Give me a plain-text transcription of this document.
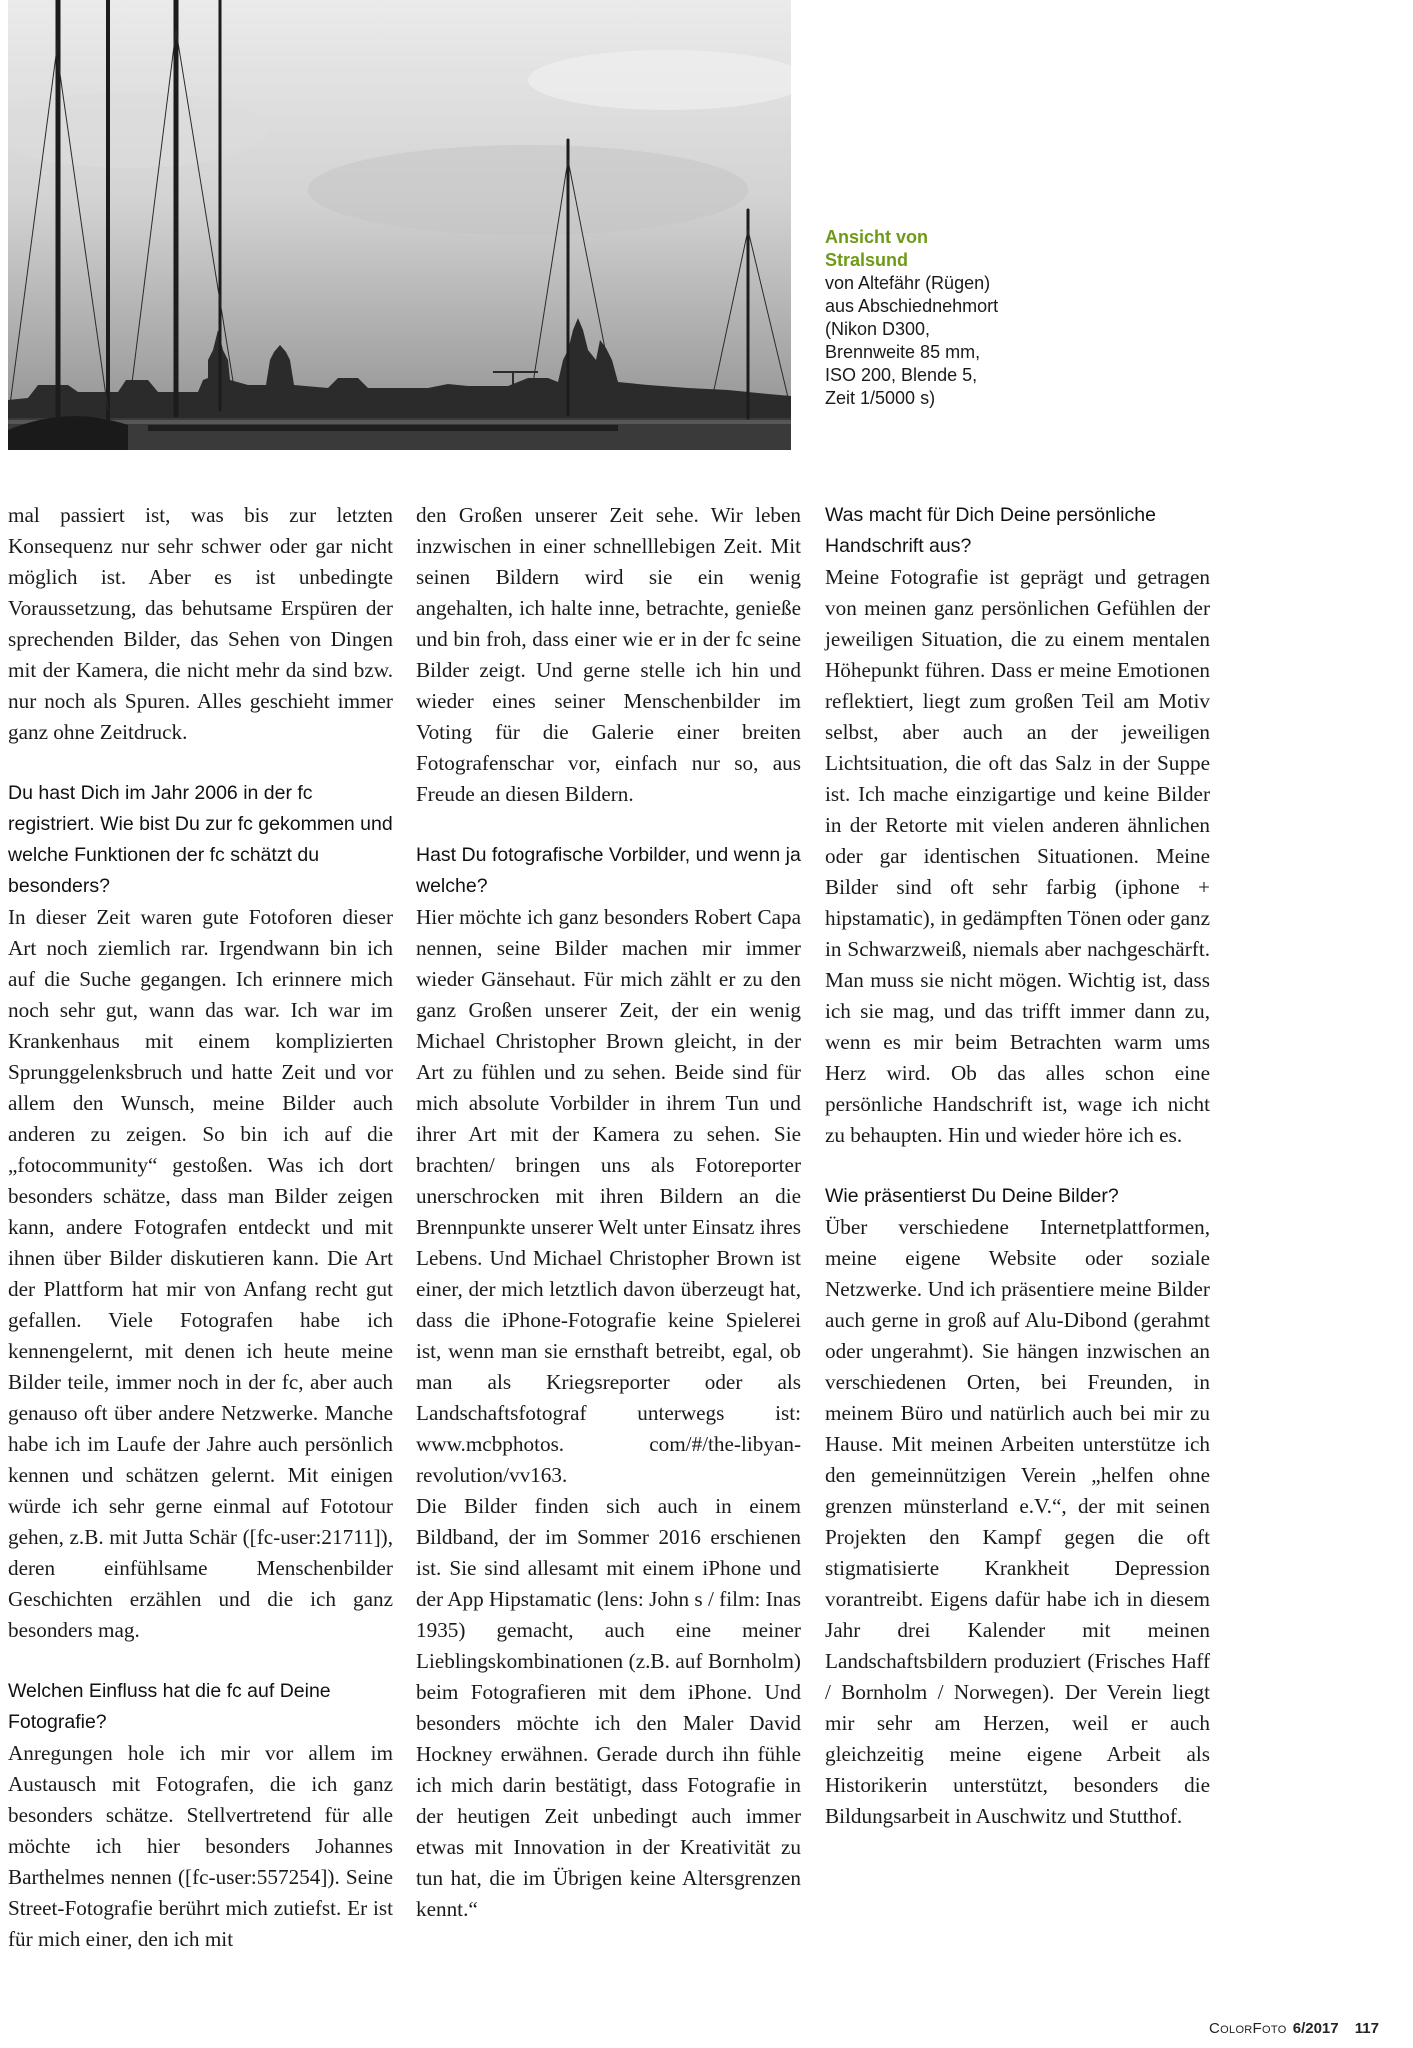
Ansicht von Stralsund
von Altefähr (Rügen) aus Abschiednehmort (Nikon D300, Brennweite 85 mm, ISO 200, Blende 5, Zeit 1/5000 s)

mal passiert ist, was bis zur letzten Konsequenz nur sehr schwer oder gar nicht möglich ist. Aber es ist unbedingte Voraussetzung, das behutsame Erspüren der sprechenden Bilder, das Sehen von Dingen mit der Kamera, die nicht mehr da sind bzw. nur noch als Spuren. Alles geschieht immer ganz ohne Zeitdruck.

Du hast Dich im Jahr 2006 in der fc registriert. Wie bist Du zur fc gekommen und welche Funktionen der fc schätzt du besonders?

In dieser Zeit waren gute Fotoforen dieser Art noch ziemlich rar. Irgendwann bin ich auf die Suche gegangen. Ich erinnere mich noch sehr gut, wann das war. Ich war im Krankenhaus mit einem komplizierten Sprunggelenksbruch und hatte Zeit und vor allem den Wunsch, meine Bilder auch anderen zu zeigen. So bin ich auf die „fotocommunity“ gestoßen. Was ich dort besonders schätze, dass man Bilder zeigen kann, andere Fotografen entdeckt und mit ihnen über Bilder diskutieren kann. Die Art der Plattform hat mir von Anfang recht gut gefallen. Viele Fotografen habe ich kennengelernt, mit denen ich heute meine Bilder teile, immer noch in der fc, aber auch genauso oft über andere Netzwerke. Manche habe ich im Laufe der Jahre auch persönlich kennen und schätzen gelernt. Mit einigen würde ich sehr gerne einmal auf Fototour gehen, z.B. mit Jutta Schär ([fc-user:21711]), deren einfühlsame Menschenbilder Geschichten erzählen und die ich ganz besonders mag.

Welchen Einfluss hat die fc auf Deine Fotografie?

Anregungen hole ich mir vor allem im Austausch mit Fotografen, die ich ganz besonders schätze. Stellvertretend für alle möchte ich hier besonders Johannes Barthelmes nennen ([fc-user:557254]). Seine Street-Fotografie berührt mich zutiefst. Er ist für mich einer, den ich mit

den Großen unserer Zeit sehe. Wir leben inzwischen in einer schnelllebigen Zeit. Mit seinen Bildern wird sie ein wenig angehalten, ich halte inne, betrachte, genieße und bin froh, dass einer wie er in der fc seine Bilder zeigt. Und gerne stelle ich hin und wieder eines seiner Menschenbilder im Voting für die Galerie einer breiten Fotografenschar vor, einfach nur so, aus Freude an diesen Bildern.

Hast Du fotografische Vorbilder, und wenn ja welche?

Hier möchte ich ganz besonders Robert Capa nennen, seine Bilder machen mir immer wieder Gänsehaut. Für mich zählt er zu den ganz Großen unserer Zeit, der ein wenig Michael Christopher Brown gleicht, in der Art zu fühlen und zu sehen. Beide sind für mich absolute Vorbilder in ihrem Tun und ihrer Art mit der Kamera zu sehen. Sie brachten/ bringen uns als Fotoreporter unerschrocken mit ihren Bildern an die Brennpunkte unserer Welt unter Einsatz ihres Lebens. Und Michael Christopher Brown ist einer, der mich letztlich davon überzeugt hat, dass die iPhone-Fotografie keine Spielerei ist, wenn man sie ernsthaft betreibt, egal, ob man als Kriegsreporter oder als Landschaftsfotograf unterwegs ist: www.mcbphotos. com/#/the-libyan-revolution/vv163.

Die Bilder finden sich auch in einem Bildband, der im Sommer 2016 erschienen ist. Sie sind allesamt mit einem iPhone und der App Hipstamatic (lens: John s / film: Inas 1935) gemacht, auch eine meiner Lieblingskombinationen (z.B. auf Bornholm) beim Fotografieren mit dem iPhone. Und besonders möchte ich den Maler David Hockney erwähnen. Gerade durch ihn fühle ich mich darin bestätigt, dass Fotografie in der heutigen Zeit unbedingt auch immer etwas mit Innovation in der Kreativität zu tun hat, die im Übrigen keine Altersgrenzen kennt.“

Was macht für Dich Deine persönliche Handschrift aus?

Meine Fotografie ist geprägt und getragen von meinen ganz persönlichen Gefühlen der jeweiligen Situation, die zu einem mentalen Höhepunkt führen. Dass er meine Emotionen reflektiert, liegt zum großen Teil am Motiv selbst, aber auch an der jeweiligen Lichtsituation, die oft das Salz in der Suppe ist. Ich mache einzigartige und keine Bilder in der Retorte mit vielen anderen ähnlichen oder gar identischen Situationen. Meine Bilder sind oft sehr farbig (iphone + hipstamatic), in gedämpften Tönen oder ganz in Schwarzweiß, niemals aber nachgeschärft. Man muss sie nicht mögen. Wichtig ist, dass ich sie mag, und das trifft immer dann zu, wenn es mir beim Betrachten warm ums Herz wird. Ob das alles schon eine persönliche Handschrift ist, wage ich nicht zu behaupten. Hin und wieder höre ich es.

Wie präsentierst Du Deine Bilder?

Über verschiedene Internetplattformen, meine eigene Website oder soziale Netzwerke. Und ich präsentiere meine Bilder auch gerne in groß auf Alu-Dibond (gerahmt oder ungerahmt). Sie hängen inzwischen an verschiedenen Orten, bei Freunden, in meinem Büro und natürlich auch bei mir zu Hause. Mit meinen Arbeiten unterstütze ich den gemeinnützigen Verein „helfen ohne grenzen münsterland e.V.“, der mit seinen Projekten den Kampf gegen die oft stigmatisierte Krankheit Depression vorantreibt. Eigens dafür habe ich in diesem Jahr drei Kalender mit meinen Landschaftsbildern produziert (Frisches Haff / Bornholm / Norwegen). Der Verein liegt mir sehr am Herzen, weil er auch gleichzeitig meine eigene Arbeit als Historikerin unterstützt, besonders die Bildungsarbeit in Auschwitz und Stutthof.

ColorFoto 6/2017 117
